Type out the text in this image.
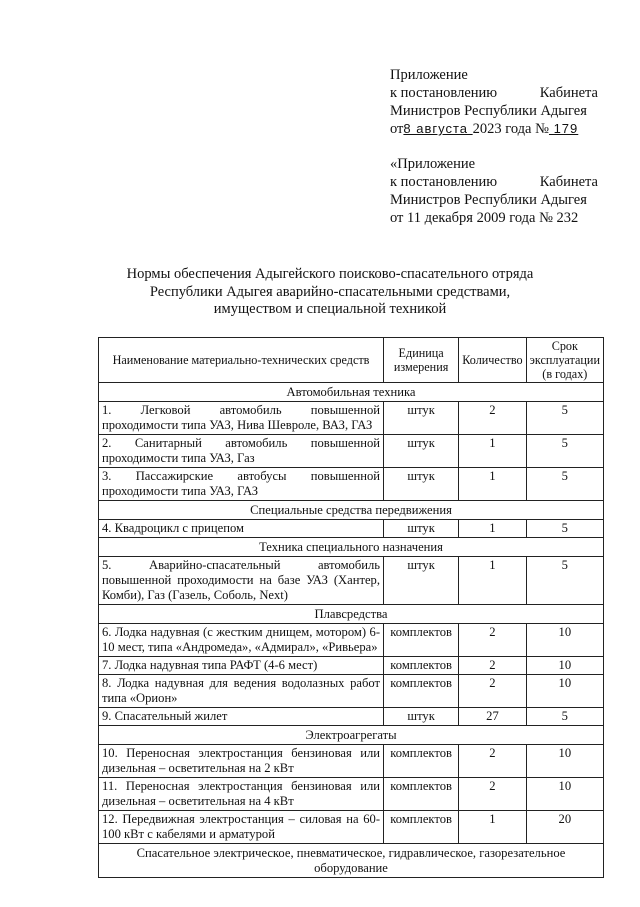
Приложение
к постановлению	Кабинета
Министров Республики Адыгея
от8 августа 2023 года № 179
«Приложение
к постановлению	Кабинета
Министров Республики Адыгея
от 11 декабря 2009 года № 232
Нормы обеспечения Адыгейского поисково-спасательного отряда
Республики Адыгея аварийно-спасательными средствами,
имуществом и специальной техникой
Наименование материально-технических средств	Единица измерения	Количество	Срок эксплуатации (в годах)
Автомобильная техника			
1. Легковой автомобиль повышенной проходимости типа УАЗ, Нива Шевроле, ВАЗ, ГАЗ	штук	2	5
2. Санитарный автомобиль повышенной проходимости типа УАЗ, Газ	штук	1	5
3. Пассажирские автобусы повышенной проходимости типа УАЗ, ГАЗ	штук	1	5
Специальные средства передвижения			
4. Квадроцикл с прицепом	штук	1	5
Техника специального назначения			
5. Аварийно-спасательный автомобиль повышенной проходимости на базе УАЗ (Хантер, Комби), Газ (Газель, Соболь, Next)	штук	1	5
Плавсредства			
6. Лодка надувная (с жестким днищем, мотором) 6-10 мест, типа «Андромеда», «Адмирал», «Ривьера»	комплектов	2	10
7. Лодка надувная типа РАФТ (4-6 мест)	комплектов	2	10
8. Лодка надувная для ведения водолазных работ типа «Орион»	комплектов	2	10
9. Спасательный жилет	штук	27	5
Электроагрегаты			
10. Переносная электростанция бензиновая или дизельная – осветительная на 2 кВт	комплектов	2	10
11. Переносная электростанция бензиновая или дизельная – осветительная на 4 кВт	комплектов	2	10
12. Передвижная электростанция – силовая на 60-100 кВт с кабелями и арматурой	комплектов	1	20
Спасательное электрическое, пневматическое, гидравлическое, газорезательное оборудование			
